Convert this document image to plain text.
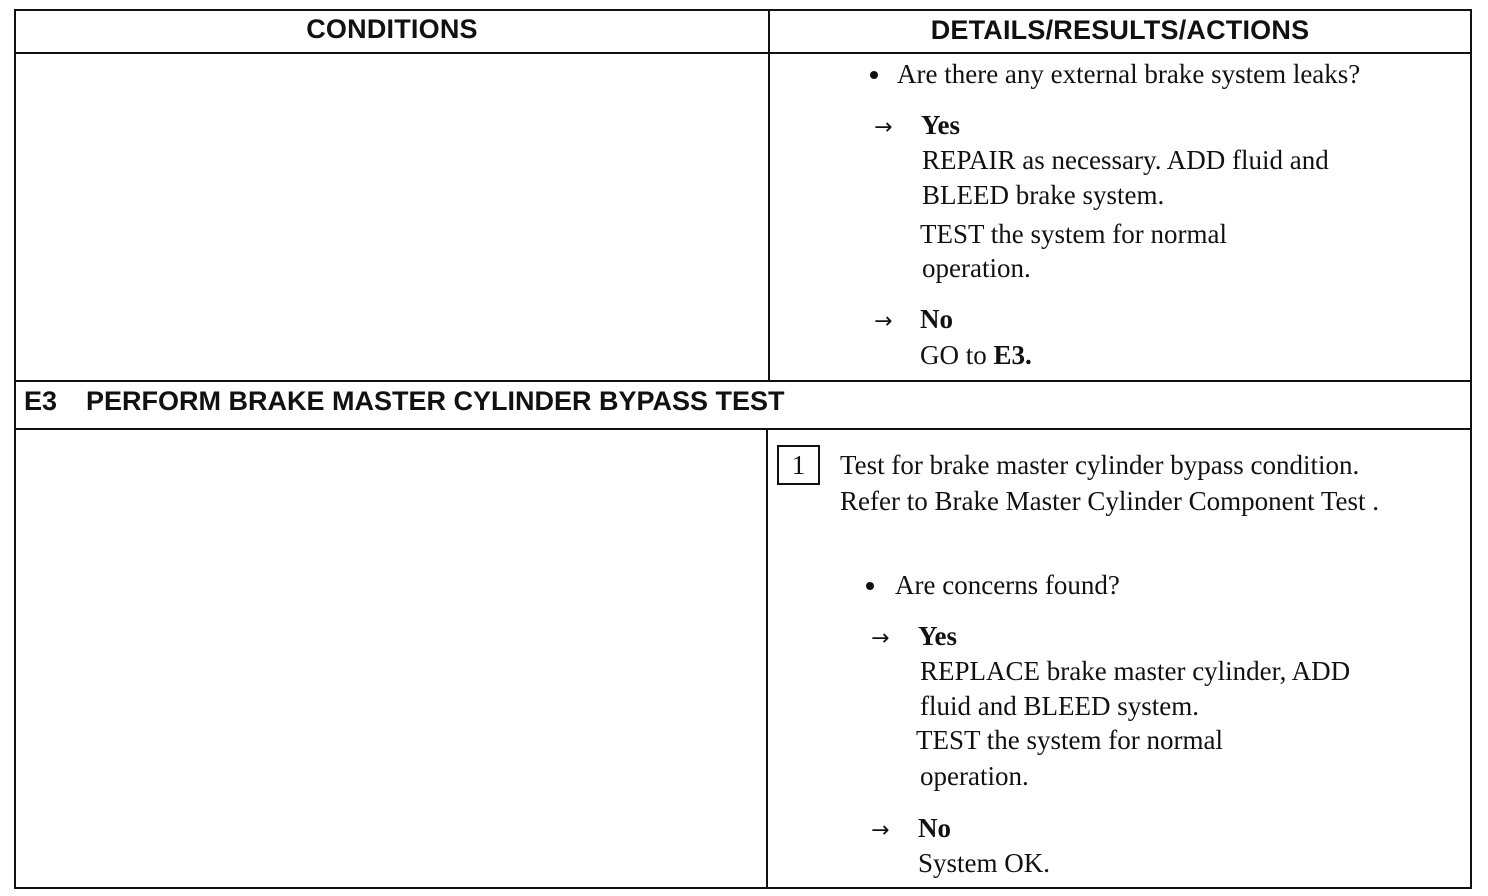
CONDITIONS	DETAILS/RESULTS/ACTIONS
Are there any external brake system leaks?
→ Yes
REPAIR as necessary. ADD fluid and
BLEED brake system.
TEST the system for normal
operation.
→ No
GO to E3.
E3 PERFORM BRAKE MASTER CYLINDER BYPASS TEST
1	Test for brake master cylinder bypass condition.
Refer to Brake Master Cylinder Component Test .
Are concerns found?
→ Yes
REPLACE brake master cylinder, ADD
fluid and BLEED system.
TEST the system for normal
operation.
→ No
System OK.
